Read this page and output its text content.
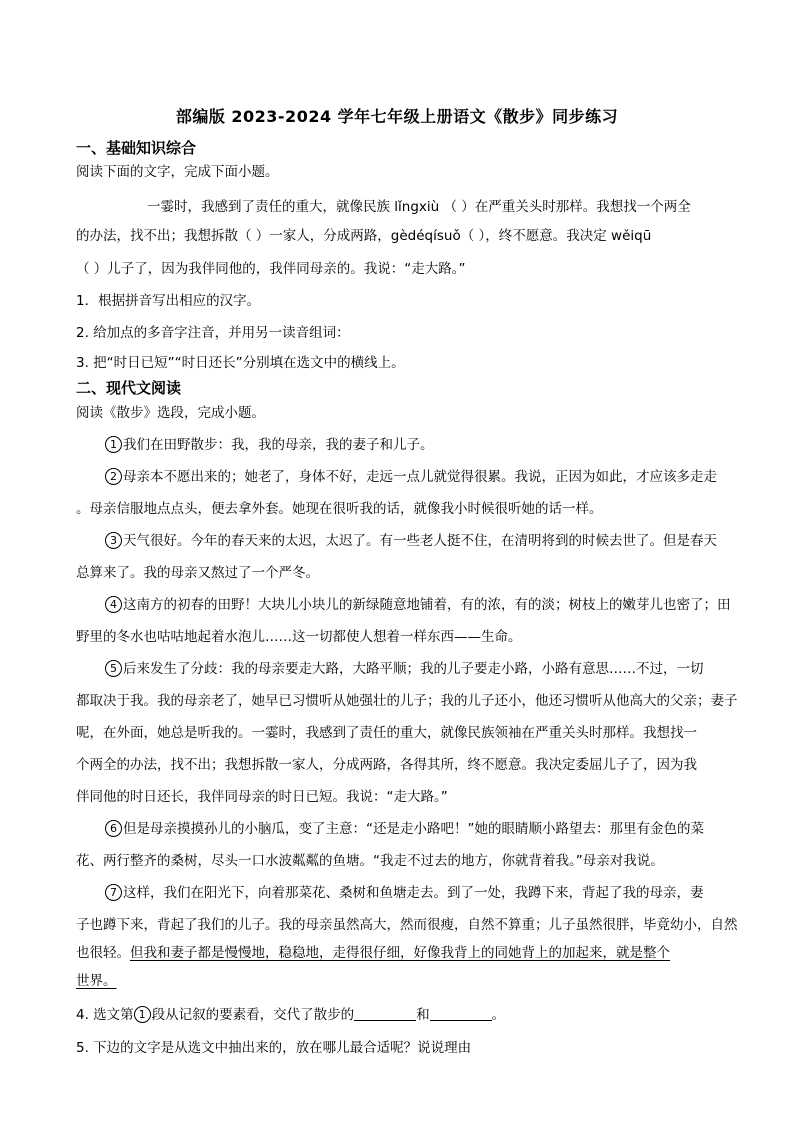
部编版 2023-2024 学年七年级上册语文《散步》同步练习
一、基础知识综合
阅读下面的文字，完成下面小题。
一霎时，我感到了责任的重大，就像民族 lǐngxiù （ ）在严重关头时那样。我想找一个两全
的办法，找不出；我想拆散（ ）一家人，分成两路，gèdéqísuǒ（ ），终不愿意。我决定 wěiqū
（ ）儿子了，因为我伴同他的，我伴同母亲的。我说：“走大路。”
1．根据拼音写出相应的汉字。
2. 给加点的多音字注音，并用另一读音组词：
3. 把“时日已短”“时日还长”分别填在选文中的横线上。
二、现代文阅读
阅读《散步》选段，完成小题。
1 我们在田野散步：我，我的母亲，我的妻子和儿子。
2 母亲本不愿出来的；她老了，身体不好，走远一点儿就觉得很累。我说，正因为如此，才应该多走走
。母亲信服地点点头，便去拿外套。她现在很听我的话，就像我小时候很听她的话一样。
3 天气很好。今年的春天来的太迟，太迟了。有一些老人挺不住，在清明将到的时候去世了。但是春天
总算来了。我的母亲又熬过了一个严冬。
4 这南方的初春的田野！大块儿小块儿的新绿随意地铺着，有的浓，有的淡；树枝上的嫩芽儿也密了；田
野里的冬水也咕咕地起着水泡儿……这一切都使人想着一样东西——生命。
5 后来发生了分歧：我的母亲要走大路，大路平顺；我的儿子要走小路，小路有意思……不过，一切
都取决于我。我的母亲老了，她早已习惯听从她强壮的儿子；我的儿子还小，他还习惯听从他高大的父亲；妻子
呢，在外面，她总是听我的。一霎时，我感到了责任的重大，就像民族领袖在严重关头时那样。我想找一
个两全的办法，找不出；我想拆散一家人，分成两路，各得其所，终不愿意。我决定委屈儿子了，因为我
伴同他的时日还长，我伴同母亲的时日已短。我说：“走大路。”
6 但是母亲摸摸孙儿的小脑瓜，变了主意：“还是走小路吧！”她的眼睛顺小路望去：那里有金色的菜
花、两行整齐的桑树，尽头一口水波粼粼的鱼塘。“我走不过去的地方，你就背着我。”母亲对我说。
7 这样，我们在阳光下，向着那菜花、桑树和鱼塘走去。到了一处，我蹲下来，背起了我的母亲，妻
子也蹲下来，背起了我们的儿子。我的母亲虽然高大，然而很瘦，自然不算重；儿子虽然很胖，毕竟幼小，自然
也很轻。但我和妻子都是慢慢地，稳稳地，走得很仔细，好像我背上的同她背上的加起来，就是整个
世界。
4. 选文第 1 段从记叙的要素看，交代了散步的	和	。
5. 下边的文字是从选文中抽出来的，放在哪儿最合适呢？说说理由
